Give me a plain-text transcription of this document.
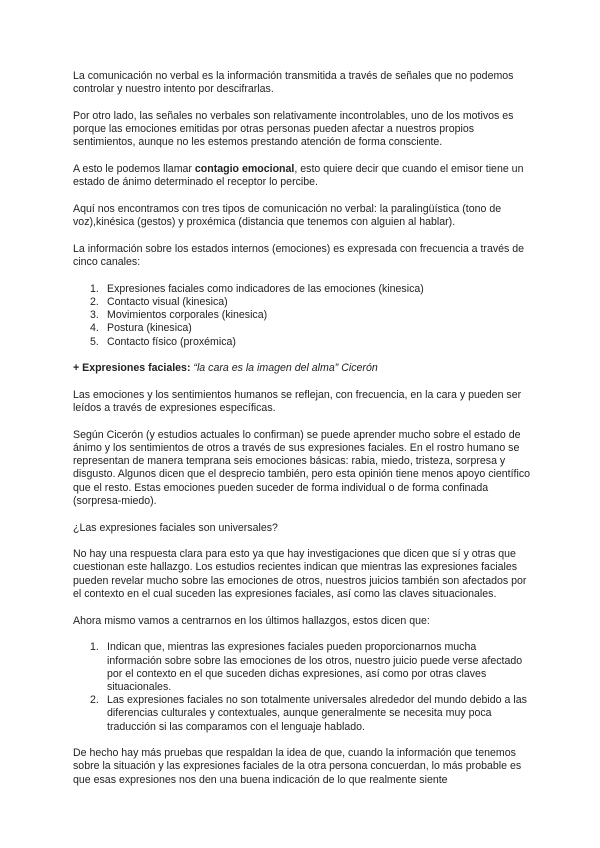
La comunicación no verbal es la información transmitida a través de señales que no podemos controlar y nuestro intento por descifrarlas.

Por otro lado, las señales no verbales son relativamente incontrolables, uno de los motivos es porque las emociones emitidas por otras personas pueden afectar a nuestros propios sentimientos, aunque no les estemos prestando atención de forma consciente.

A esto le podemos llamar contagio emocional, esto quiere decir que cuando el emisor tiene un estado de ánimo determinado el receptor lo percibe.

Aquí nos encontramos con tres tipos de comunicación no verbal: la paralingüística (tono de voz),kinésica (gestos) y proxémica (distancia que tenemos con alguien al hablar).

La información sobre los estados internos (emociones) es expresada con frecuencia a través de cinco canales:

1. Expresiones faciales como indicadores de las emociones (kinesica)
2. Contacto visual (kinesica)
3. Movimientos corporales (kinesica)
4. Postura (kinesica)
5. Contacto físico (proxémica)

+ Expresiones faciales: “la cara es la imagen del alma” Cicerón

Las emociones y los sentimientos humanos se reflejan, con frecuencia, en la cara y pueden ser leídos a través de expresiones específicas.

Según Cicerón (y estudios actuales lo confirman) se puede aprender mucho sobre el estado de ánimo y los sentimientos de otros a través de sus expresiones faciales. En el rostro humano se representan de manera temprana seis emociones básicas: rabia, miedo, tristeza, sorpresa y disgusto. Algunos dicen que el desprecio también, pero esta opinión tiene menos apoyo científico que el resto. Estas emociones pueden suceder de forma individual o de forma confinada (sorpresa-miedo).

¿Las expresiones faciales son universales?

No hay una respuesta clara para esto ya que hay investigaciones que dicen que sí y otras que cuestionan este hallazgo. Los estudios recientes indican que mientras las expresiones faciales pueden revelar mucho sobre las emociones de otros, nuestros juicios también son afectados por el contexto en el cual suceden las expresiones faciales, así como las claves situacionales.

Ahora mismo vamos a centrarnos en los últimos hallazgos, estos dicen que:

1. Indican que, mientras las expresiones faciales pueden proporcionarnos mucha información sobre sobre las emociones de los otros, nuestro juicio puede verse afectado por el contexto en el que suceden dichas expresiones, así como por otras claves situacionales.
2. Las expresiones faciales no son totalmente universales alrededor del mundo debido a las diferencias culturales y contextuales, aunque generalmente se necesita muy poca traducción si las comparamos con el lenguaje hablado.

De hecho hay más pruebas que respaldan la idea de que, cuando la información que tenemos sobre la situación y las expresiones faciales de la otra persona concuerdan, lo más probable es que esas expresiones nos den una buena indicación de lo que realmente siente
